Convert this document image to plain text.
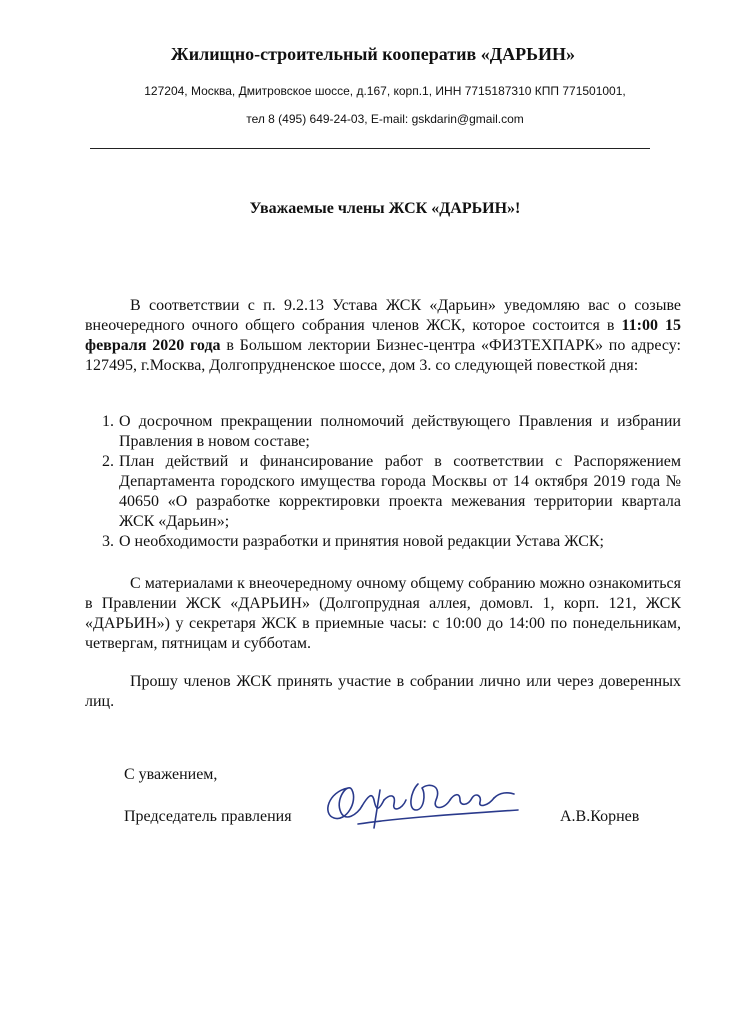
Жилищно-строительный кооператив «ДАРЬИН»
127204, Москва, Дмитровское шоссе, д.167, корп.1, ИНН 7715187310 КПП 771501001,
тел 8 (495) 649-24-03, E-mail: gskdarin@gmail.com
Уважаемые члены ЖСК «ДАРЬИН»!
В соответствии с п. 9.2.13 Устава ЖСК «Дарьин» уведомляю вас о созыве внеочередного очного общего собрания членов ЖСК, которое состоится в 11:00 15 февраля 2020 года в Большом лектории Бизнес-центра «ФИЗТЕХПАРК» по адресу: 127495, г.Москва, Долгопрудненское шоссе, дом 3. со следующей повесткой дня:
1. О досрочном прекращении полномочий действующего Правления и избрании Правления в новом составе;
2. План действий и финансирование работ в соответствии с Распоряжением Департамента городского имущества города Москвы от 14 октября 2019 года № 40650 «О разработке корректировки проекта межевания территории квартала ЖСК «Дарьин»;
3. О необходимости разработки и принятия новой редакции Устава ЖСК;
С материалами к внеочередному очному общему собранию можно ознакомиться в Правлении ЖСК «ДАРЬИН» (Долгопрудная аллея, домовл. 1, корп. 121, ЖСК «ДАРЬИН») у секретаря ЖСК в приемные часы: с 10:00 до 14:00 по понедельникам, четвергам, пятницам и субботам.
Прошу членов ЖСК принять участие в собрании лично или через доверенных лиц.
С уважением,
Председатель правления	А.В.Корнев
